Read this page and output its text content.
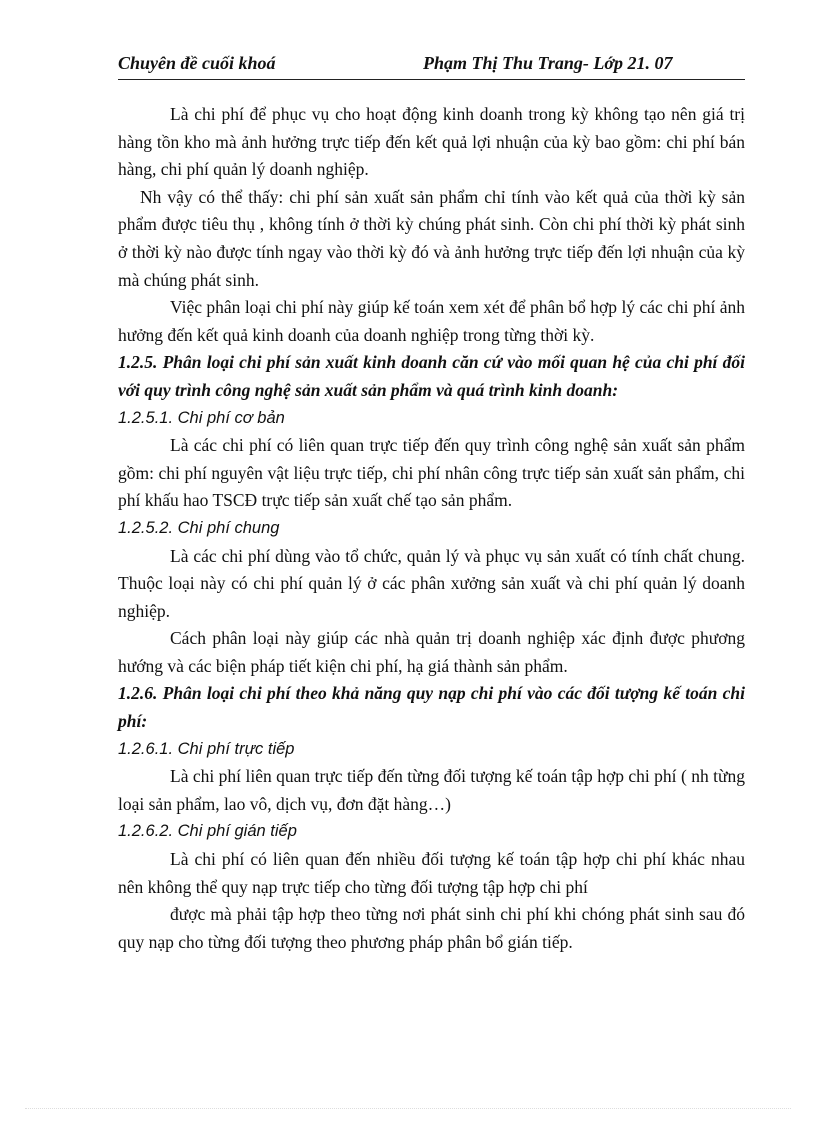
Chuyên đề cuối khoá	Phạm Thị Thu Trang- Lớp 21. 07

Là chi phí để phục vụ cho hoạt động kinh doanh trong kỳ không tạo nên giá trị hàng tồn kho mà ảnh hưởng trực tiếp đến kết quả lợi nhuận của kỳ bao gồm: chi phí bán hàng, chi phí quản lý doanh nghiệp.

Nh vậy có thể thấy: chi phí sản xuất sản phẩm chỉ tính vào kết quả của thời kỳ sản phẩm được tiêu thụ , không tính ở thời kỳ chúng phát sinh. Còn chi phí thời kỳ phát sinh ở thời kỳ nào được tính ngay vào thời kỳ đó và ảnh hưởng trực tiếp đến lợi nhuận của kỳ mà chúng phát sinh.

Việc phân loại chi phí này giúp kế toán xem xét để phân bổ hợp lý các chi phí ảnh hưởng đến kết quả kinh doanh của doanh nghiệp trong từng thời kỳ.

1.2.5. Phân loại chi phí sản xuất kinh doanh căn cứ vào mối quan hệ của chi phí đối với quy trình công nghệ sản xuất sản phẩm và quá trình kinh doanh:

1.2.5.1. Chi phí cơ bản

Là các chi phí có liên quan trực tiếp đến quy trình công nghệ sản xuất sản phẩm gồm: chi phí nguyên vật liệu trực tiếp, chi phí nhân công trực tiếp sản xuất sản phẩm, chi phí khấu hao TSCĐ trực tiếp sản xuất chế tạo sản phẩm.

1.2.5.2. Chi phí chung

Là các chi phí dùng vào tổ chức, quản lý và phục vụ sản xuất có tính chất chung. Thuộc loại này có chi phí quản lý ở các phân xưởng sản xuất và chi phí quản lý doanh nghiệp.

Cách phân loại này giúp các nhà quản trị doanh nghiệp xác định được phương hướng và các biện pháp tiết kiện chi phí, hạ giá thành sản phẩm.

1.2.6. Phân loại chi phí theo khả năng quy nạp chi phí vào các đối tượng kế toán chi phí:

1.2.6.1. Chi phí trực tiếp

Là chi phí liên quan trực tiếp đến từng đối tượng kế toán tập hợp chi phí ( nh từng loại sản phẩm, lao vô, dịch vụ, đơn đặt hàng…)

1.2.6.2. Chi phí gián tiếp

Là chi phí có liên quan đến nhiều đối tượng kế toán tập hợp chi phí khác nhau nên không thể quy nạp trực tiếp cho từng đối tượng tập hợp chi phí

được mà phải tập hợp theo từng nơi phát sinh chi phí khi chóng phát sinh sau đó quy nạp cho từng đối tượng theo phương pháp phân bổ gián tiếp.
